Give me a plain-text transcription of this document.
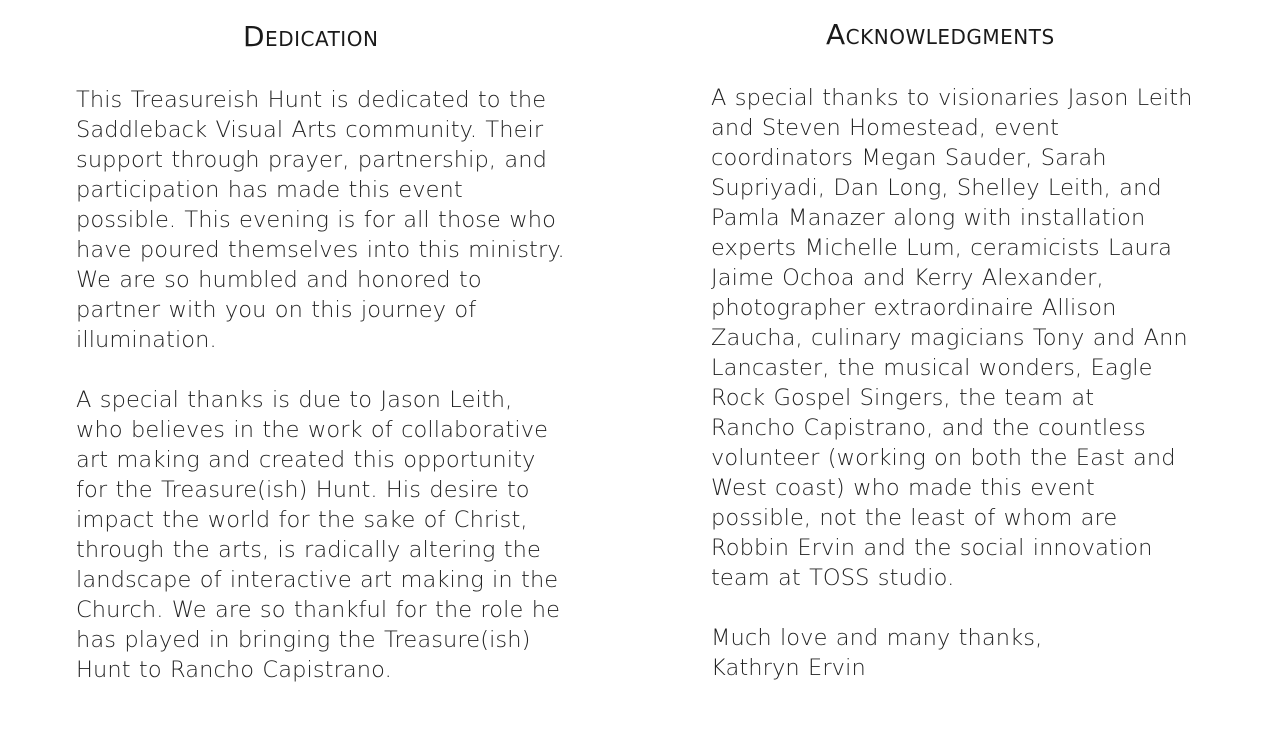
Dedication
This Treasureish Hunt is dedicated to the
Saddleback Visual Arts community. Their
support through prayer, partnership, and
participation has made this event
possible. This evening is for all those who
have poured themselves into this ministry.
We are so humbled and honored to
partner with you on this journey of
illumination.
A special thanks is due to Jason Leith,
who believes in the work of collaborative
art making and created this opportunity
for the Treasure(ish) Hunt. His desire to
impact the world for the sake of Christ,
through the arts, is radically altering the
landscape of interactive art making in the
Church. We are so thankful for the role he
has played in bringing the Treasure(ish)
Hunt to Rancho Capistrano.
Acknowledgments
A special thanks to visionaries Jason Leith
and Steven Homestead, event
coordinators Megan Sauder, Sarah
Supriyadi, Dan Long, Shelley Leith, and
Pamla Manazer along with installation
experts Michelle Lum, ceramicists Laura
Jaime Ochoa and Kerry Alexander,
photographer extraordinaire Allison
Zaucha, culinary magicians Tony and Ann
Lancaster, the musical wonders, Eagle
Rock Gospel Singers, the team at
Rancho Capistrano, and the countless
volunteer (working on both the East and
West coast) who made this event
possible, not the least of whom are
Robbin Ervin and the social innovation
team at TOSS studio.
Much love and many thanks,
Kathryn Ervin
